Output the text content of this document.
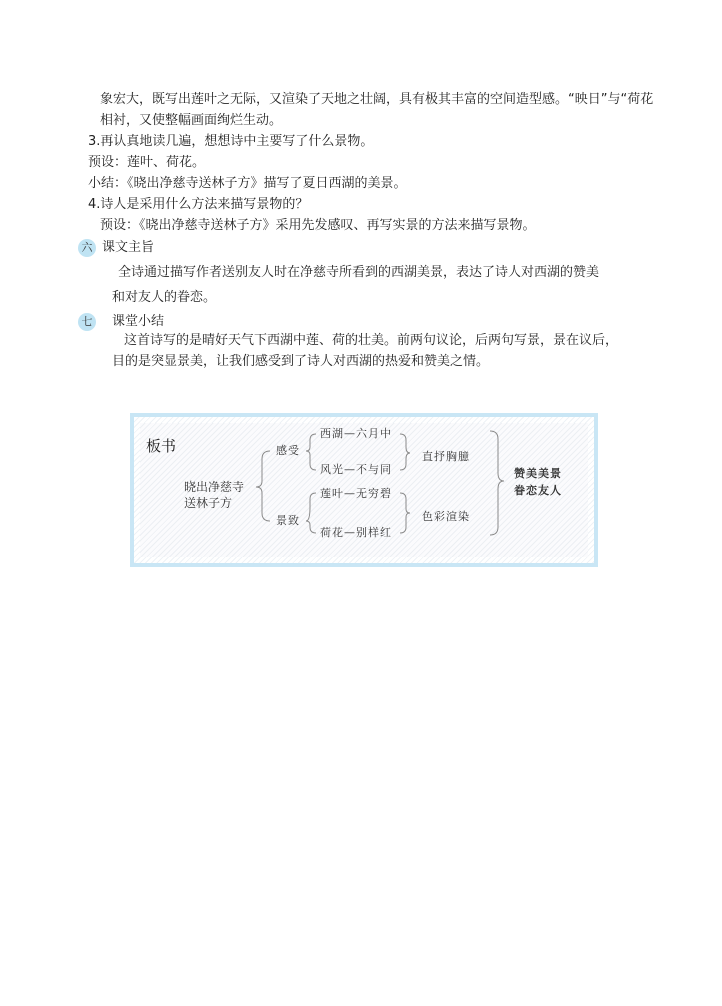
象宏大，既写出莲叶之无际，又渲染了天地之壮阔，具有极其丰富的空间造型感。“映日”与“荷花
相衬，又使整幅画面绚烂生动。
3.再认真地读几遍，想想诗中主要写了什么景物。
预设：莲叶、荷花。
小结：《晓出净慈寺送林子方》描写了夏日西湖的美景。
4.诗人是采用什么方法来描写景物的？
预设：《晓出净慈寺送林子方》采用先发感叹、再写实景的方法来描写景物。
六 课文主旨
全诗通过描写作者送别友人时在净慈寺所看到的西湖美景，表达了诗人对西湖的赞美
和对友人的眷恋。
七 课堂小结
这首诗写的是晴好天气下西湖中莲、荷的壮美。前两句议论，后两句写景，景在议后，
目的是突显景美，让我们感受到了诗人对西湖的热爱和赞美之情。
板书
晓出净慈寺
送林子方
感受
景致
西湖—六月中
风光—不与同
莲叶—无穷碧
荷花—别样红
直抒胸臆
色彩渲染
赞美美景
眷恋友人
